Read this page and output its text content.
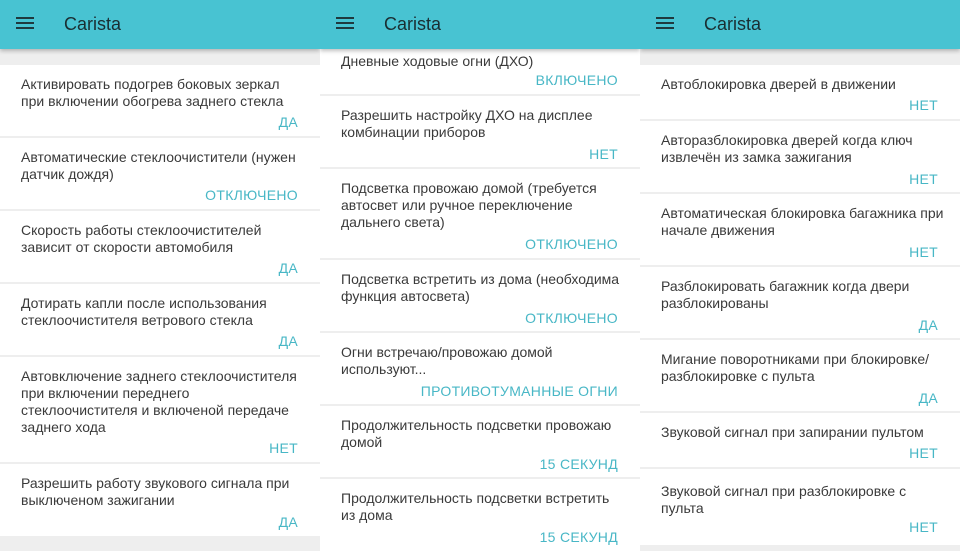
Carista
Активировать подогрев боковых зеркал при включении обогрева заднего стекла
ДА
Автоматические стеклоочистители (нужен датчик дождя)
ОТКЛЮЧЕНО
Скорость работы стеклоочистителей зависит от скорости автомобиля
ДА
Дотирать капли после использования стеклоочистителя ветрового стекла
ДА
Автовключение заднего стеклоочистителя при включении переднего стеклоочистителя и включеной передаче заднего хода
НЕТ
Разрешить работу звукового сигнала при выключеном зажигании
ДА
Carista
Дневные ходовые огни (ДХО)
ВКЛЮЧЕНО
Разрешить настройку ДХО на дисплее комбинации приборов
НЕТ
Подсветка провожаю домой (требуется автосвет или ручное переключение дальнего света)
ОТКЛЮЧЕНО
Подсветка встретить из дома (необходима функция автосвета)
ОТКЛЮЧЕНО
Огни встречаю/провожаю домой используют...
ПРОТИВОТУМАННЫЕ ОГНИ
Продолжительность подсветки провожаю домой
15 СЕКУНД
Продолжительность подсветки встретить из дома
15 СЕКУНД
Carista
Автоблокировка дверей в движении
НЕТ
Авторазблокировка дверей когда ключ извлечён из замка зажигания
НЕТ
Автоматическая блокировка багажника при начале движения
НЕТ
Разблокировать багажник когда двери разблокированы
ДА
Мигание поворотниками при блокировке/разблокировке с пульта
ДА
Звуковой сигнал при запирании пультом
НЕТ
Звуковой сигнал при разблокировке с пульта
НЕТ
